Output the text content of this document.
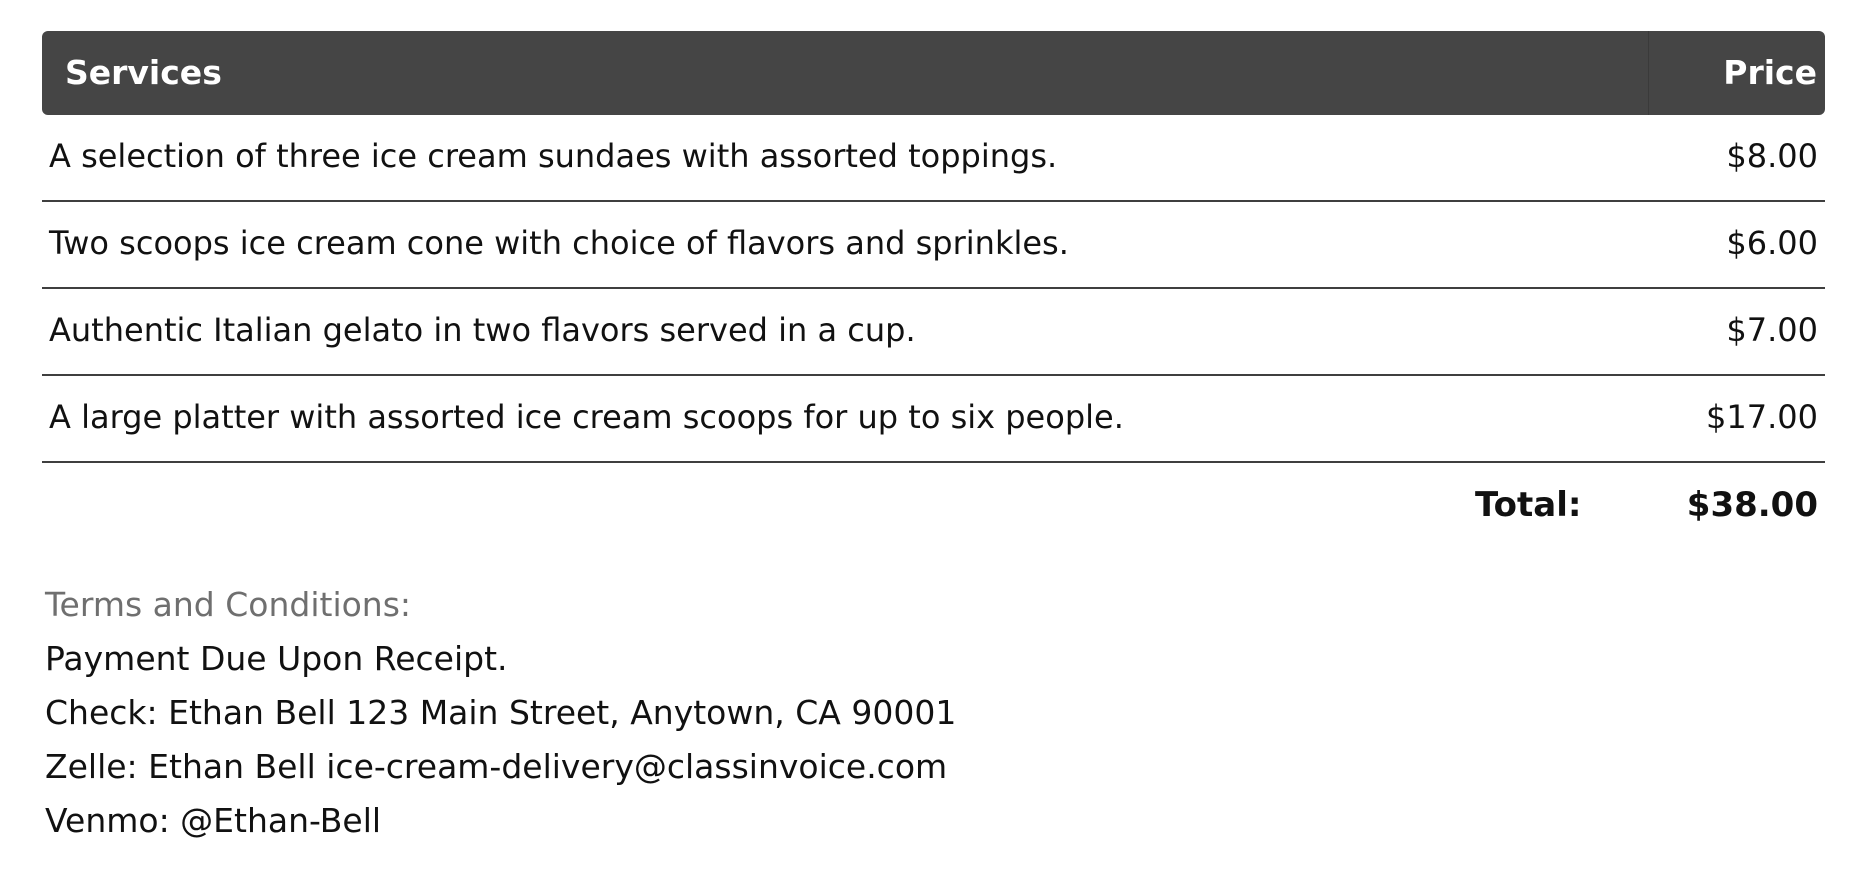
Services	Price
A selection of three ice cream sundaes with assorted toppings.	$8.00
Two scoops ice cream cone with choice of flavors and sprinkles.	$6.00
Authentic Italian gelato in two flavors served in a cup.	$7.00
A large platter with assorted ice cream scoops for up to six people.	$17.00
Total:	$38.00
Terms and Conditions:
Payment Due Upon Receipt.
Check: Ethan Bell 123 Main Street, Anytown, CA 90001
Zelle: Ethan Bell ice-cream-delivery@classinvoice.com
Venmo: @Ethan-Bell
